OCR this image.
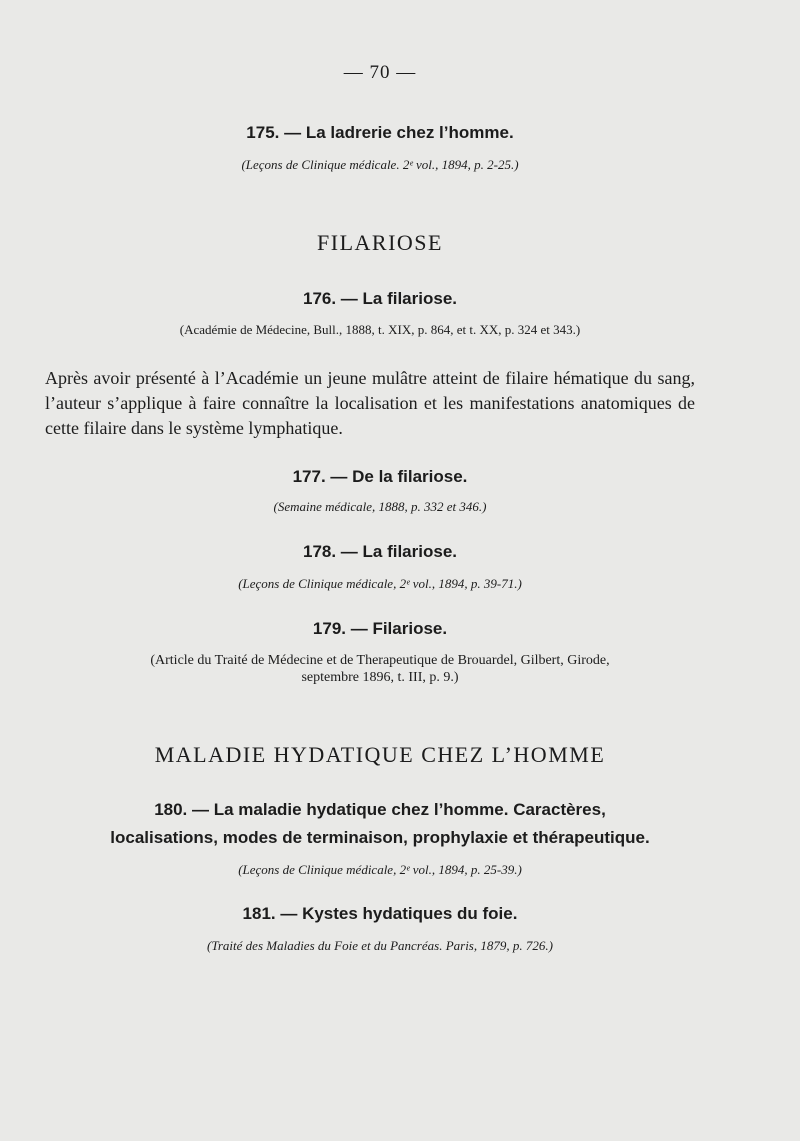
— 70 —
175. — La ladrerie chez l’homme.
(Leçons de Clinique médicale. 2ᵉ vol., 1894, p. 2-25.)
FILARIOSE
176. — La filariose.
(Académie de Médecine, Bull., 1888, t. XIX, p. 864, et t. XX, p. 324 et 343.)
Après avoir présenté à l’Académie un jeune mulâtre atteint de filaire hématique du sang, l’auteur s’applique à faire connaître la localisation et les manifestations anatomiques de cette filaire dans le système lymphatique.
177. — De la filariose.
(Semaine médicale, 1888, p. 332 et 346.)
178. — La filariose.
(Leçons de Clinique médicale, 2ᵉ vol., 1894, p. 39-71.)
179. — Filariose.
(Article du Traité de Médecine et de Therapeutique de Brouardel, Gilbert, Girode,
septembre 1896, t. III, p. 9.)
MALADIE HYDATIQUE CHEZ L’HOMME
180. — La maladie hydatique chez l’homme. Caractères,
localisations, modes de terminaison, prophylaxie et thérapeutique.
(Leçons de Clinique médicale, 2ᵉ vol., 1894, p. 25-39.)
181. — Kystes hydatiques du foie.
(Traité des Maladies du Foie et du Pancréas. Paris, 1879, p. 726.)
